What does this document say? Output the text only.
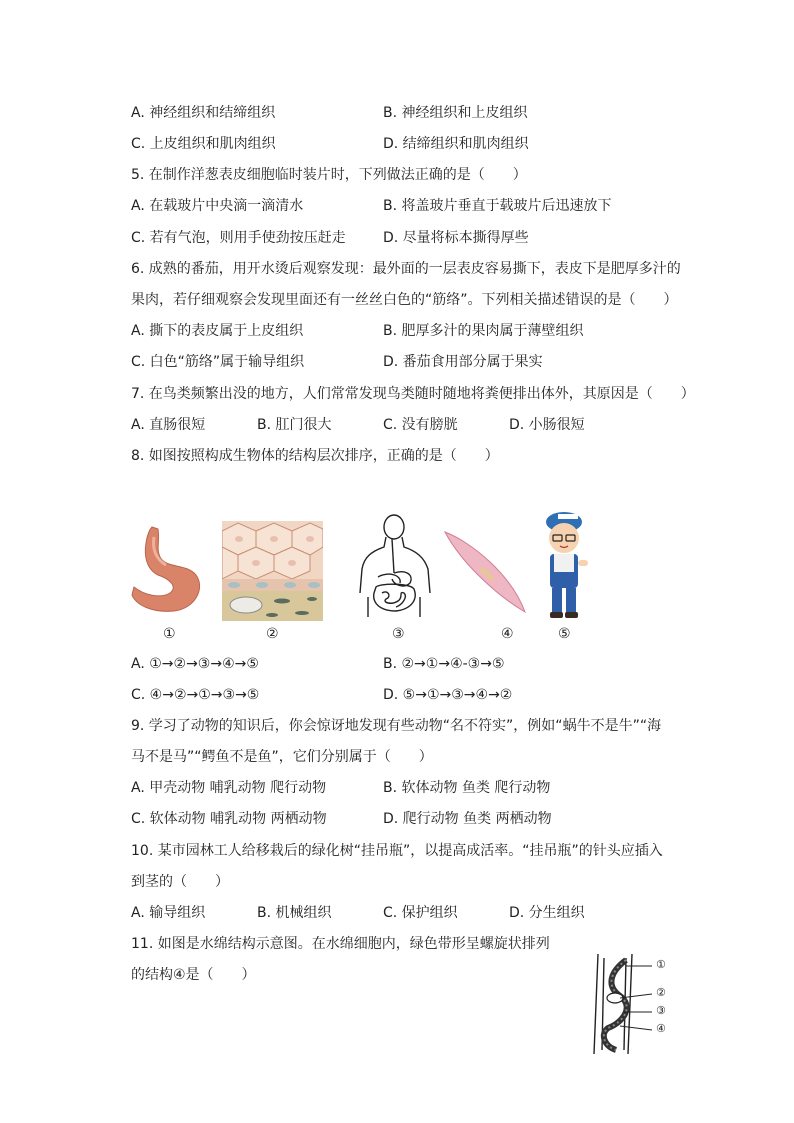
A. 神经组织和结缔组织	B. 神经组织和上皮组织
C. 上皮组织和肌肉组织	D. 结缔组织和肌肉组织
5. 在制作洋葱表皮细胞临时装片时，下列做法正确的是（　　）
A. 在载玻片中央滴一滴清水	B. 将盖玻片垂直于载玻片后迅速放下
C. 若有气泡，则用手使劲按压赶走	D. 尽量将标本撕得厚些
6. 成熟的番茄，用开水烫后观察发现：最外面的一层表皮容易撕下，表皮下是肥厚多汁的
果肉，若仔细观察会发现里面还有一丝丝白色的“筋络”。下列相关描述错误的是（　　）
A. 撕下的表皮属于上皮组织	B. 肥厚多汁的果肉属于薄壁组织
C. 白色“筋络”属于输导组织	D. 番茄食用部分属于果实
7. 在鸟类频繁出没的地方，人们常常发现鸟类随时随地将粪便排出体外，其原因是（　　）
A. 直肠很短	B. 肛门很大	C. 没有膀胱	D. 小肠很短
8. 如图按照构成生物体的结构层次排序，正确的是（　　）
①	②	③	④	⑤
A. ①→②→③→④→⑤	B. ②→①→④-③→⑤
C. ④→②→①→③→⑤	D. ⑤→①→③→④→②
9. 学习了动物的知识后，你会惊讶地发现有些动物“名不符实”，例如“蜗牛不是牛”“海
马不是马”“鳄鱼不是鱼”，它们分别属于（　　）
A. 甲壳动物 哺乳动物 爬行动物	B. 软体动物 鱼类 爬行动物
C. 软体动物 哺乳动物 两栖动物	D. 爬行动物 鱼类 两栖动物
10. 某市园林工人给移栽后的绿化树“挂吊瓶”，以提高成活率。“挂吊瓶”的针头应插入
到茎的（　　）
A. 输导组织	B. 机械组织	C. 保护组织	D. 分生组织
11. 如图是水绵结构示意图。在水绵细胞内，绿色带形呈螺旋状排列
的结构④是（　　）
①
②
③
④
